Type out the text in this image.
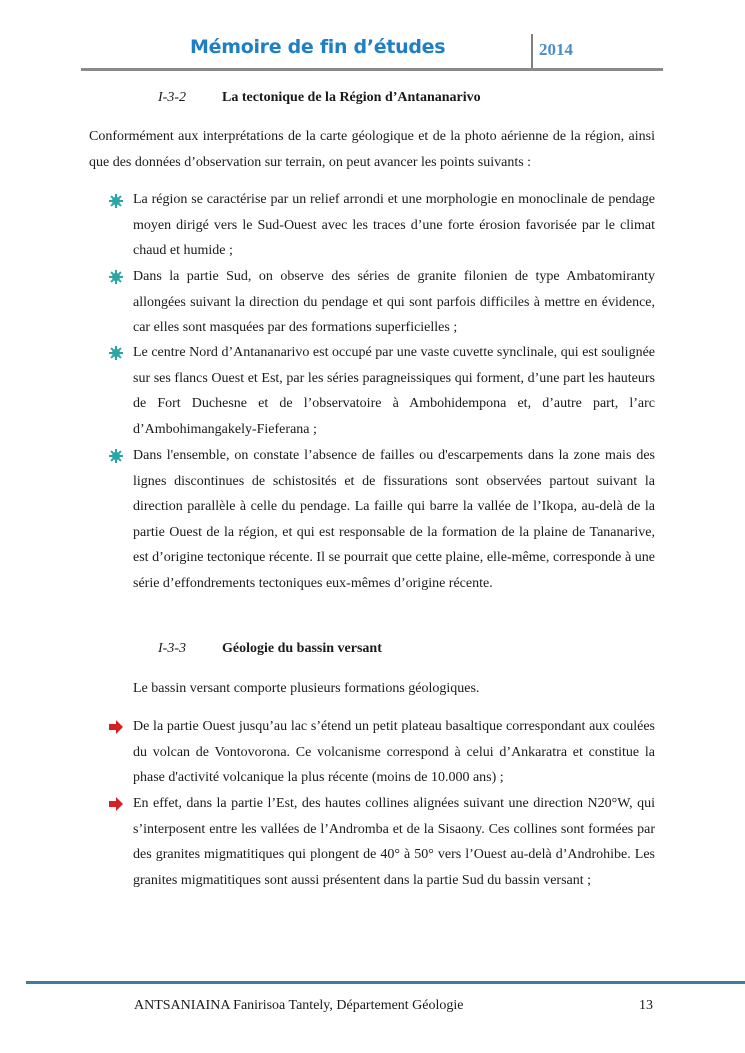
Mémoire de fin d’études	2014
I-3-2	La tectonique de la Région d’Antananarivo
Conformément aux interprétations de la carte géologique et de la photo aérienne de la région, ainsi que des données d’observation sur terrain, on peut avancer les points suivants :
La région se caractérise par un relief arrondi et une morphologie en monoclinale de pendage moyen dirigé vers le Sud-Ouest avec les traces d’une forte érosion favorisée par le climat chaud et humide ;
Dans la partie Sud, on observe des séries de granite filonien de type Ambatomiranty allongées suivant la direction du pendage et qui sont parfois difficiles à mettre en évidence, car elles sont masquées par des formations superficielles ;
Le centre Nord d’Antananarivo est occupé par une vaste cuvette synclinale, qui est soulignée sur ses flancs Ouest et Est, par les séries paragneissiques qui forment, d’une part les hauteurs de Fort Duchesne et de l’observatoire à Ambohidempona et, d’autre part, l’arc d’Ambohimangakely-Fieferana ;
Dans l'ensemble, on constate l’absence de failles ou d'escarpements dans la zone mais des lignes discontinues de schistosités et de fissurations sont observées partout suivant la direction parallèle à celle du pendage. La faille qui barre la vallée de l’Ikopa, au-delà de la partie Ouest de la région, et qui est responsable de la formation de la plaine de Tananarive, est d’origine tectonique récente. Il se pourrait que cette plaine, elle-même, corresponde à une série d’effondrements tectoniques eux-mêmes d’origine récente.
I-3-3	Géologie du bassin versant
Le bassin versant comporte plusieurs formations géologiques.
De la partie Ouest jusqu’au lac s’étend un petit plateau basaltique correspondant aux coulées du volcan de Vontovorona. Ce volcanisme correspond à celui d’Ankaratra et constitue la phase d'activité volcanique la plus récente (moins de 10.000 ans) ;
En effet, dans la partie l’Est, des hautes collines alignées suivant une direction N20°W, qui s’interposent entre les vallées de l’Andromba et de la Sisaony. Ces collines sont formées par des granites migmatitiques qui plongent de 40° à 50° vers l’Ouest au-delà d’Androhibe. Les granites migmatitiques sont aussi présentent dans la partie Sud du bassin versant ;
ANTSANIAINA Fanirisoa Tantely, Département Géologie	13
